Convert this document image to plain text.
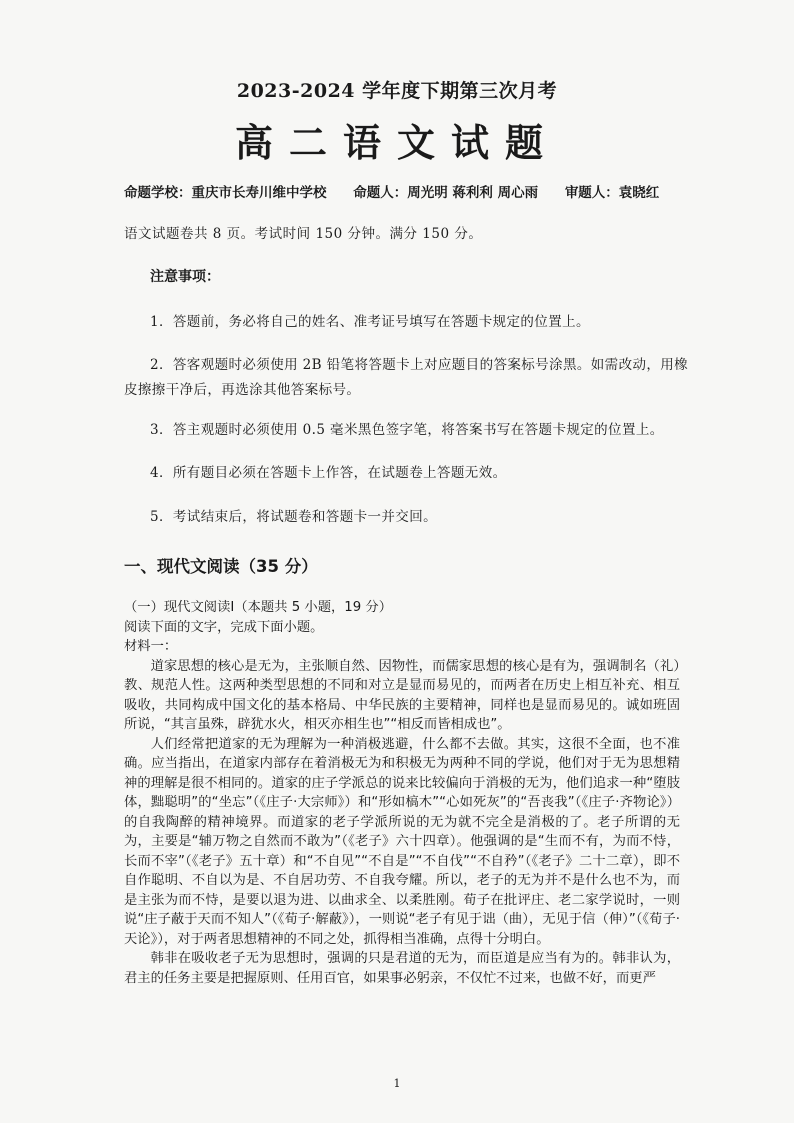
2023-2024 学年度下期第三次月考
高二语文试题
命题学校：重庆市长寿川维中学校 命题人：周光明 蒋利利 周心雨 审题人：袁晓红
语文试题卷共 8 页。考试时间 150 分钟。满分 150 分。
注意事项：
1．答题前，务必将自己的姓名、准考证号填写在答题卡规定的位置上。
2．答客观题时必须使用 2B 铅笔将答题卡上对应题目的答案标号涂黑。如需改动，用橡皮擦擦干净后，再选涂其他答案标号。
3．答主观题时必须使用 0.5 毫米黑色签字笔，将答案书写在答题卡规定的位置上。
4．所有题目必须在答题卡上作答，在试题卷上答题无效。
5．考试结束后，将试题卷和答题卡一并交回。
一、现代文阅读（35 分）

（一）现代文阅读Ⅰ（本题共 5 小题，19 分）

阅读下面的文字，完成下面小题。

材料一：

道家思想的核心是无为，主张顺自然、因物性，而儒家思想的核心是有为，强调制名（礼）教、规范人性。这两种类型思想的不同和对立是显而易见的，而两者在历史上相互补充、相互吸收，共同构成中国文化的基本格局、中华民族的主要精神，同样也是显而易见的。诚如班固所说，“其言虽殊，辟犹水火，相灭亦相生也”“相反而皆相成也”。

人们经常把道家的无为理解为一种消极逃避，什么都不去做。其实，这很不全面，也不准确。应当指出，在道家内部存在着消极无为和积极无为两种不同的学说，他们对于无为思想精神的理解是很不相同的。道家的庄子学派总的说来比较偏向于消极的无为，他们追求一种“堕肢体，黜聪明”的“坐忘”（《庄子·大宗师》）和“形如槁木”“心如死灰”的“吾丧我”（《庄子·齐物论》）的自我陶醉的精神境界。而道家的老子学派所说的无为就不完全是消极的了。老子所谓的无为，主要是“辅万物之自然而不敢为”（《老子》六十四章）。他强调的是“生而不有，为而不恃，长而不宰”（《老子》五十章）和“不自见”“不自是”“不自伐”“不自矜”（《老子》二十二章），即不自作聪明、不自以为是、不自居功劳、不自我夸耀。所以，老子的无为并不是什么也不为，而是主张为而不恃，是要以退为进、以曲求全、以柔胜刚。荀子在批评庄、老二家学说时，一则说“庄子蔽于天而不知人”（《荀子·解蔽》），一则说“老子有见于诎（曲），无见于信（伸）”（《荀子·天论》），对于两者思想精神的不同之处，抓得相当准确，点得十分明白。

韩非在吸收老子无为思想时，强调的只是君道的无为，而臣道是应当有为的。韩非认为，君主的任务主要是把握原则、任用百官，如果事必躬亲，不仅忙不过来，也做不好，而更严

1
